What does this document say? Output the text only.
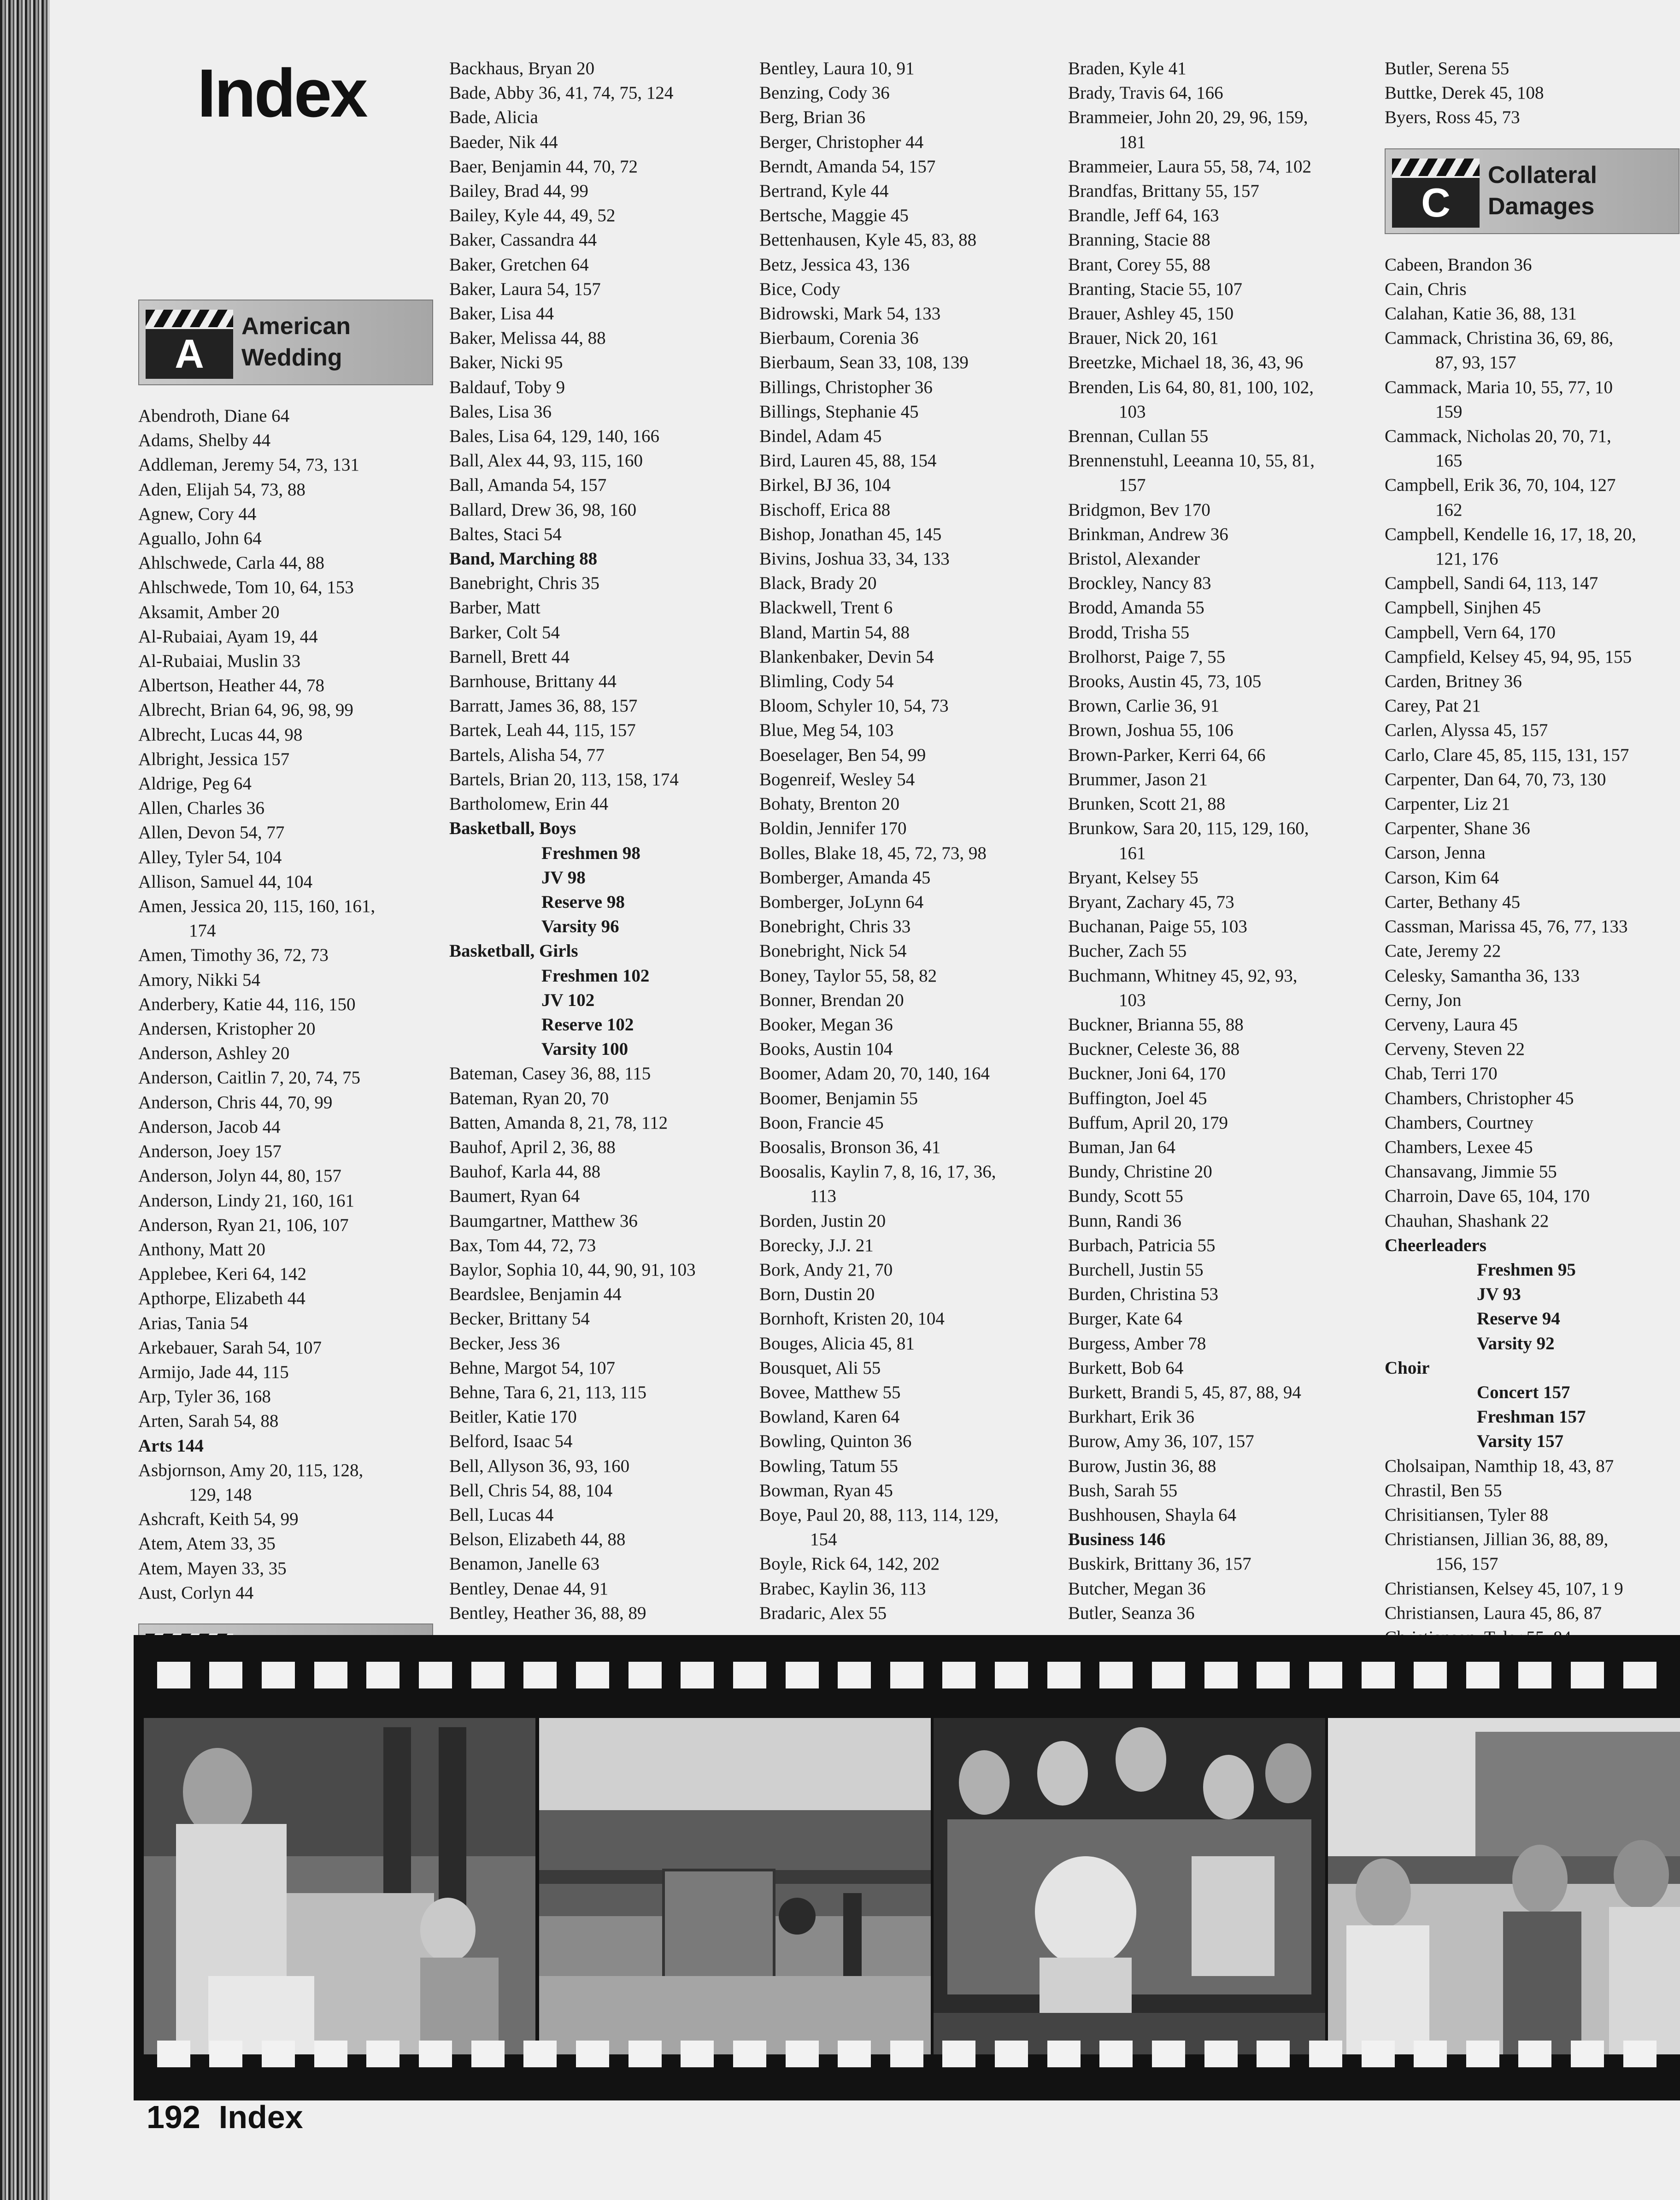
Index
A
American Wedding
Abendroth, Diane 64
Adams, Shelby 44
Addleman, Jeremy 54, 73, 131
Aden, Elijah 54, 73, 88
Agnew, Cory 44
Aguallo, John 64
Ahlschwede, Carla 44, 88
Ahlschwede, Tom 10, 64, 153
Aksamit, Amber 20
Al-Rubaiai, Ayam 19, 44
Al-Rubaiai, Muslin 33
Albertson, Heather 44, 78
Albrecht, Brian 64, 96, 98, 99
Albrecht, Lucas 44, 98
Albright, Jessica 157
Aldrige, Peg 64
Allen, Charles 36
Allen, Devon 54, 77
Alley, Tyler 54, 104
Allison, Samuel 44, 104
Amen, Jessica 20, 115, 160, 161,
174
Amen, Timothy 36, 72, 73
Amory, Nikki 54
Anderbery, Katie 44, 116, 150
Andersen, Kristopher 20
Anderson, Ashley 20
Anderson, Caitlin 7, 20, 74, 75
Anderson, Chris 44, 70, 99
Anderson, Jacob 44
Anderson, Joey 157
Anderson, Jolyn 44, 80, 157
Anderson, Lindy 21, 160, 161
Anderson, Ryan 21, 106, 107
Anthony, Matt 20
Applebee, Keri 64, 142
Apthorpe, Elizabeth 44
Arias, Tania 54
Arkebauer, Sarah 54, 107
Armijo, Jade 44, 115
Arp, Tyler 36, 168
Arten, Sarah 54, 88
Arts 144
Asbjornson, Amy 20, 115, 128,
129, 148
Ashcraft, Keith 54, 99
Atem, Atem 33, 35
Atem, Mayen 33, 35
Aust, Corlyn 44
Backhaus, Bryan 20
Bade, Abby 36, 41, 74, 75, 124
Bade, Alicia
Baeder, Nik 44
Baer, Benjamin 44, 70, 72
Bailey, Brad 44, 99
Bailey, Kyle 44, 49, 52
Baker, Cassandra 44
Baker, Gretchen 64
Baker, Laura 54, 157
Baker, Lisa 44
Baker, Melissa 44, 88
Baker, Nicki 95
Baldauf, Toby 9
Bales, Lisa 36
Bales, Lisa 64, 129, 140, 166
Ball, Alex 44, 93, 115, 160
Ball, Amanda 54, 157
Ballard, Drew 36, 98, 160
Baltes, Staci 54
Band, Marching 88
Banebright, Chris 35
Barber, Matt
Barker, Colt 54
Barnell, Brett 44
Barnhouse, Brittany 44
Barratt, James 36, 88, 157
Bartek, Leah 44, 115, 157
Bartels, Alisha 54, 77
Bartels, Brian 20, 113, 158, 174
Bartholomew, Erin 44
Basketball, Boys
Freshmen 98
JV 98
Reserve 98
Varsity 96
Basketball, Girls
Freshmen 102
JV 102
Reserve 102
Varsity 100
Bateman, Casey 36, 88, 115
Bateman, Ryan 20, 70
Batten, Amanda 8, 21, 78, 112
Bauhof, April 2, 36, 88
Bauhof, Karla 44, 88
Baumert, Ryan 64
Baumgartner, Matthew 36
Bax, Tom 44, 72, 73
Baylor, Sophia 10, 44, 90, 91, 103
Beardslee, Benjamin 44
Becker, Brittany 54
Becker, Jess 36
Behne, Margot 54, 107
Behne, Tara 6, 21, 113, 115
Beitler, Katie 170
Belford, Isaac 54
Bell, Allyson 36, 93, 160
Bell, Chris 54, 88, 104
Bell, Lucas 44
Belson, Elizabeth 44, 88
Benamon, Janelle 63
Bentley, Denae 44, 91
Bentley, Heather 36, 88, 89
Bentley, Laura 10, 91
Benzing, Cody 36
Berg, Brian 36
Berger, Christopher 44
Berndt, Amanda 54, 157
Bertrand, Kyle 44
Bertsche, Maggie 45
Bettenhausen, Kyle 45, 83, 88
Betz, Jessica 43, 136
Bice, Cody
Bidrowski, Mark 54, 133
Bierbaum, Corenia 36
Bierbaum, Sean 33, 108, 139
Billings, Christopher 36
Billings, Stephanie 45
Bindel, Adam 45
Bird, Lauren 45, 88, 154
Birkel, BJ 36, 104
Bischoff, Erica 88
Bishop, Jonathan 45, 145
Bivins, Joshua 33, 34, 133
Black, Brady 20
Blackwell, Trent 6
Bland, Martin 54, 88
Blankenbaker, Devin 54
Blimling, Cody 54
Bloom, Schyler 10, 54, 73
Blue, Meg 54, 103
Boeselager, Ben 54, 99
Bogenreif, Wesley 54
Bohaty, Brenton 20
Boldin, Jennifer 170
Bolles, Blake 18, 45, 72, 73, 98
Bomberger, Amanda 45
Bomberger, JoLynn 64
Bonebright, Chris 33
Bonebright, Nick 54
Boney, Taylor 55, 58, 82
Bonner, Brendan 20
Booker, Megan 36
Books, Austin 104
Boomer, Adam 20, 70, 140, 164
Boomer, Benjamin 55
Boon, Francie 45
Boosalis, Bronson 36, 41
Boosalis, Kaylin 7, 8, 16, 17, 36,
113
Borden, Justin 20
Borecky, J.J. 21
Bork, Andy 21, 70
Born, Dustin 20
Bornhoft, Kristen 20, 104
Bouges, Alicia 45, 81
Bousquet, Ali 55
Bovee, Matthew 55
Bowland, Karen 64
Bowling, Quinton 36
Bowling, Tatum 55
Bowman, Ryan 45
Boye, Paul 20, 88, 113, 114, 129,
154
Boyle, Rick 64, 142, 202
Brabec, Kaylin 36, 113
Bradaric, Alex 55
Braden, Kyle 41
Brady, Travis 64, 166
Brammeier, John 20, 29, 96, 159,
181
Brammeier, Laura 55, 58, 74, 102
Brandfas, Brittany 55, 157
Brandle, Jeff 64, 163
Branning, Stacie 88
Brant, Corey 55, 88
Branting, Stacie 55, 107
Brauer, Ashley 45, 150
Brauer, Nick 20, 161
Breetzke, Michael 18, 36, 43, 96
Brenden, Lis 64, 80, 81, 100, 102,
103
Brennan, Cullan 55
Brennenstuhl, Leeanna 10, 55, 81,
157
Bridgmon, Bev 170
Brinkman, Andrew 36
Bristol, Alexander
Brockley, Nancy 83
Brodd, Amanda 55
Brodd, Trisha 55
Brolhorst, Paige 7, 55
Brooks, Austin 45, 73, 105
Brown, Carlie 36, 91
Brown, Joshua 55, 106
Brown-Parker, Kerri 64, 66
Brummer, Jason 21
Brunken, Scott 21, 88
Brunkow, Sara 20, 115, 129, 160,
161
Bryant, Kelsey 55
Bryant, Zachary 45, 73
Buchanan, Paige 55, 103
Bucher, Zach 55
Buchmann, Whitney 45, 92, 93,
103
Buckner, Brianna 55, 88
Buckner, Celeste 36, 88
Buckner, Joni 64, 170
Buffington, Joel 45
Buffum, April 20, 179
Buman, Jan 64
Bundy, Christine 20
Bundy, Scott 55
Bunn, Randi 36
Burbach, Patricia 55
Burchell, Justin 55
Burden, Christina 53
Burger, Kate 64
Burgess, Amber 78
Burkett, Bob 64
Burkett, Brandi 5, 45, 87, 88, 94
Burkhart, Erik 36
Burow, Amy 36, 107, 157
Burow, Justin 36, 88
Bush, Sarah 55
Bushhousen, Shayla 64
Business 146
Buskirk, Brittany 36, 157
Butcher, Megan 36
Butler, Seanza 36
Butler, Serena 55
Buttke, Derek 45, 108
Byers, Ross 45, 73
C
Collateral Damages
Cabeen, Brandon 36
Cain, Chris
Calahan, Katie 36, 88, 131
Cammack, Christina 36, 69, 86,
87, 93, 157
Cammack, Maria 10, 55, 77, 10
159
Cammack, Nicholas 20, 70, 71,
165
Campbell, Erik 36, 70, 104, 127
162
Campbell, Kendelle 16, 17, 18, 20,
121, 176
Campbell, Sandi 64, 113, 147
Campbell, Sinjhen 45
Campbell, Vern 64, 170
Campfield, Kelsey 45, 94, 95, 155
Carden, Britney 36
Carey, Pat 21
Carlen, Alyssa 45, 157
Carlo, Clare 45, 85, 115, 131, 157
Carpenter, Dan 64, 70, 73, 130
Carpenter, Liz 21
Carpenter, Shane 36
Carson, Jenna
Carson, Kim 64
Carter, Bethany 45
Cassman, Marissa 45, 76, 77, 133
Cate, Jeremy 22
Celesky, Samantha 36, 133
Cerny, Jon
Cerveny, Laura 45
Cerveny, Steven 22
Chab, Terri 170
Chambers, Christopher 45
Chambers, Courtney
Chambers, Lexee 45
Chansavang, Jimmie 55
Charroin, Dave 65, 104, 170
Chauhan, Shashank 22
Cheerleaders
Freshmen 95
JV 93
Reserve 94
Varsity 92
Choir
Concert 157
Freshman 157
Varsity 157
Cholsaipan, Namthip 18, 43, 87
Chrastil, Ben 55
Chrisitiansen, Tyler 88
Christiansen, Jillian 36, 88, 89,
156, 157
Christiansen, Kelsey 45, 107, 1 9
Christiansen, Laura 45, 86, 87
192 Index
